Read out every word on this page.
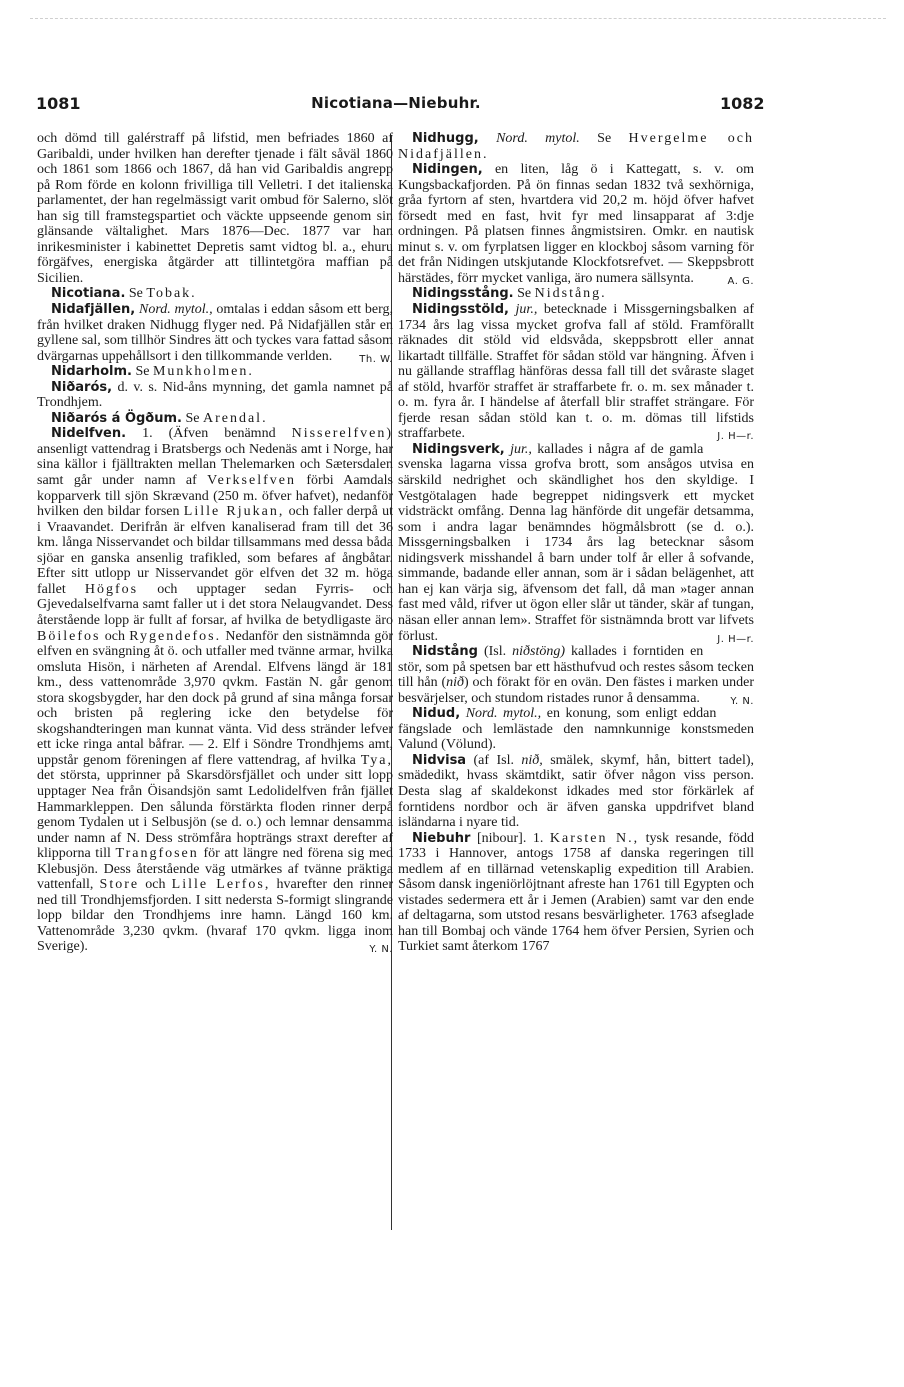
1081	Nicotiana—Niebuhr.	1082

och dömd till galérstraff på lifstid, men befriades 1860 af Garibaldi, under hvilken han derefter tjenade i fält såväl 1860 och 1861 som 1866 och 1867, då han vid Garibaldis angrepp på Rom förde en kolonn frivilliga till Velletri. I det italienska parlamentet, der han regelmässigt varit ombud för Salerno, slöt han sig till framstegspartiet och väckte uppseende genom sin glänsande vältalighet. Mars 1876—Dec. 1877 var han inrikesminister i kabinettet Depretis samt vidtog bl. a., ehuru förgäfves, energiska åtgärder att tillintetgöra maffian på Sicilien.

Nicotiana. Se Tobak.

Nidafjällen, Nord. mytol., omtalas i eddan såsom ett berg, från hvilket draken Nidhugg flyger ned. På Nidafjällen står en gyllene sal, som tillhör Sindres ätt och tyckes vara fattad såsom dvärgarnas uppehållsort i den tillkommande verlden.	Th. W.

Nidarholm. Se Munkholmen.

Niðarós, d. v. s. Nid-åns mynning, det gamla namnet på Trondhjem.

Niðarós á Ögðum. Se Arendal.

Nidelfven. 1. (Äfven benämnd Nisserelfven) ansenligt vattendrag i Bratsbergs och Nedenäs amt i Norge, har sina källor i fjälltrakten mellan Thelemarken och Sætersdalen samt går under namn af Verkselfven förbi Aamdals kopparverk till sjön Skrævand (250 m. öfver hafvet), nedanför hvilken den bildar forsen Lille Rjukan, och faller derpå ut i Vraavandet. Derifrån är elfven kanaliserad fram till det 36 km. långa Nisservandet och bildar tillsammans med dessa båda sjöar en ganska ansenlig trafikled, som befares af ångbåtar. Efter sitt utlopp ur Nisservandet gör elfven det 32 m. höga fallet Högfos och upptager sedan Fyrris- och Gjevedalselfvarna samt faller ut i det stora Nelaugvandet. Dess återstående lopp är fullt af forsar, af hvilka de betydligaste äro Böilefos och Rygendefos. Nedanför den sistnämnda gör elfven en svängning åt ö. och utfaller med tvänne armar, hvilka omsluta Hisön, i närheten af Arendal. Elfvens längd är 181 km., dess vattenområde 3,970 qvkm. Fastän N. går genom stora skogsbygder, har den dock på grund af sina många forsar och bristen på reglering icke den betydelse för skogshandteringen man kunnat vänta. Vid dess stränder lefver ett icke ringa antal båfrar. — 2. Elf i Söndre Trondhjems amt, uppstår genom föreningen af flere vattendrag, af hvilka Tya, det största, upprinner på Skarsdörsfjället och under sitt lopp upptager Nea från Öisandsjön samt Ledolidelfven från fjället Hammarkleppen. Den sålunda förstärkta floden rinner derpå genom Tydalen ut i Selbusjön (se d. o.) och lemnar densamma under namn af N. Dess strömfåra hopträngs straxt derefter af klipporna till Trangfosen för att längre ned förena sig med Klebusjön. Dess återstående väg utmärkes af tvänne präktiga vattenfall, Store och Lille Lerfos, hvarefter den rinner ned till Trondhjemsfjorden. I sitt nedersta S-formigt slingrande lopp bildar den Trondhjems inre hamn. Längd 160 km. Vattenområde 3,230 qvkm. (hvaraf 170 qvkm. ligga inom Sverige).	Y. N.

Nidhugg, Nord. mytol. Se Hvergelme och Nidafjällen.

Nidingen, en liten, låg ö i Kattegatt, s. v. om Kungsbackafjorden. På ön finnas sedan 1832 två sexhörniga, gråa fyrtorn af sten, hvartdera vid 20,2 m. höjd öfver hafvet försedt med en fast, hvit fyr med linsapparat af 3:dje ordningen. På platsen finnes ångmistsiren. Omkr. en nautisk minut s. v. om fyrplatsen ligger en klockboj såsom varning för det från Nidingen utskjutande Klockfotsrefvet. — Skeppsbrott härstädes, förr mycket vanliga, äro numera sällsynta.	A. G.

Nidingsstång. Se Nidstång.

Nidingsstöld, jur., betecknade i Missgerningsbalken af 1734 års lag vissa mycket grofva fall af stöld. Framförallt räknades dit stöld vid eldsvåda, skeppsbrott eller annat likartadt tillfälle. Straffet för sådan stöld var hängning. Äfven i nu gällande strafflag hänföras dessa fall till det svåraste slaget af stöld, hvarför straffet är straffarbete fr. o. m. sex månader t. o. m. fyra år. I händelse af återfall blir straffet strängare. För fjerde resan sådan stöld kan t. o. m. dömas till lifstids straffarbete.	J. H—r.

Nidingsverk, jur., kallades i några af de gamla svenska lagarna vissa grofva brott, som ansågos utvisa en särskild nedrighet och skändlighet hos den skyldige. I Vestgötalagen hade begreppet nidingsverk ett mycket vidsträckt omfång. Denna lag hänförde dit ungefär detsamma, som i andra lagar benämndes högmålsbrott (se d. o.). Missgerningsbalken i 1734 års lag betecknar såsom nidingsverk misshandel å barn under tolf år eller å sofvande, simmande, badande eller annan, som är i sådan belägenhet, att han ej kan värja sig, äfvensom det fall, då man »tager annan fast med våld, rifver ut ögon eller slår ut tänder, skär af tungan, näsan eller annan lem». Straffet för sistnämnda brott var lifvets förlust.	J. H—r.

Nidstång (Isl. niðstöng) kallades i forntiden en stör, som på spetsen bar ett hästhufvud och restes såsom tecken till hån (nið) och förakt för en ovän. Den fästes i marken under besvärjelser, och stundom ristades runor å densamma.	Y. N.

Nidud, Nord. mytol., en konung, som enligt eddan fängslade och lemlästade den namnkunnige konstsmeden Valund (Völund).

Nidvisa (af Isl. nið, smälek, skymf, hån, bittert tadel), smädedikt, hvass skämtdikt, satir öfver någon viss person. Desta slag af skaldekonst idkades med stor förkärlek af forntidens nordbor och är äfven ganska uppdrifvet bland isländarna i nyare tid.

Niebuhr [nibour]. 1. Karsten N., tysk resande, född 1733 i Hannover, antogs 1758 af danska regeringen till medlem af en tillärnad vetenskaplig expedition till Arabien. Såsom dansk ingeniörlöjtnant afreste han 1761 till Egypten och vistades sedermera ett år i Jemen (Arabien) samt var den ende af deltagarna, som utstod resans besvärligheter. 1763 afseglade han till Bombaj och vände 1764 hem öfver Persien, Syrien och Turkiet samt återkom 1767
